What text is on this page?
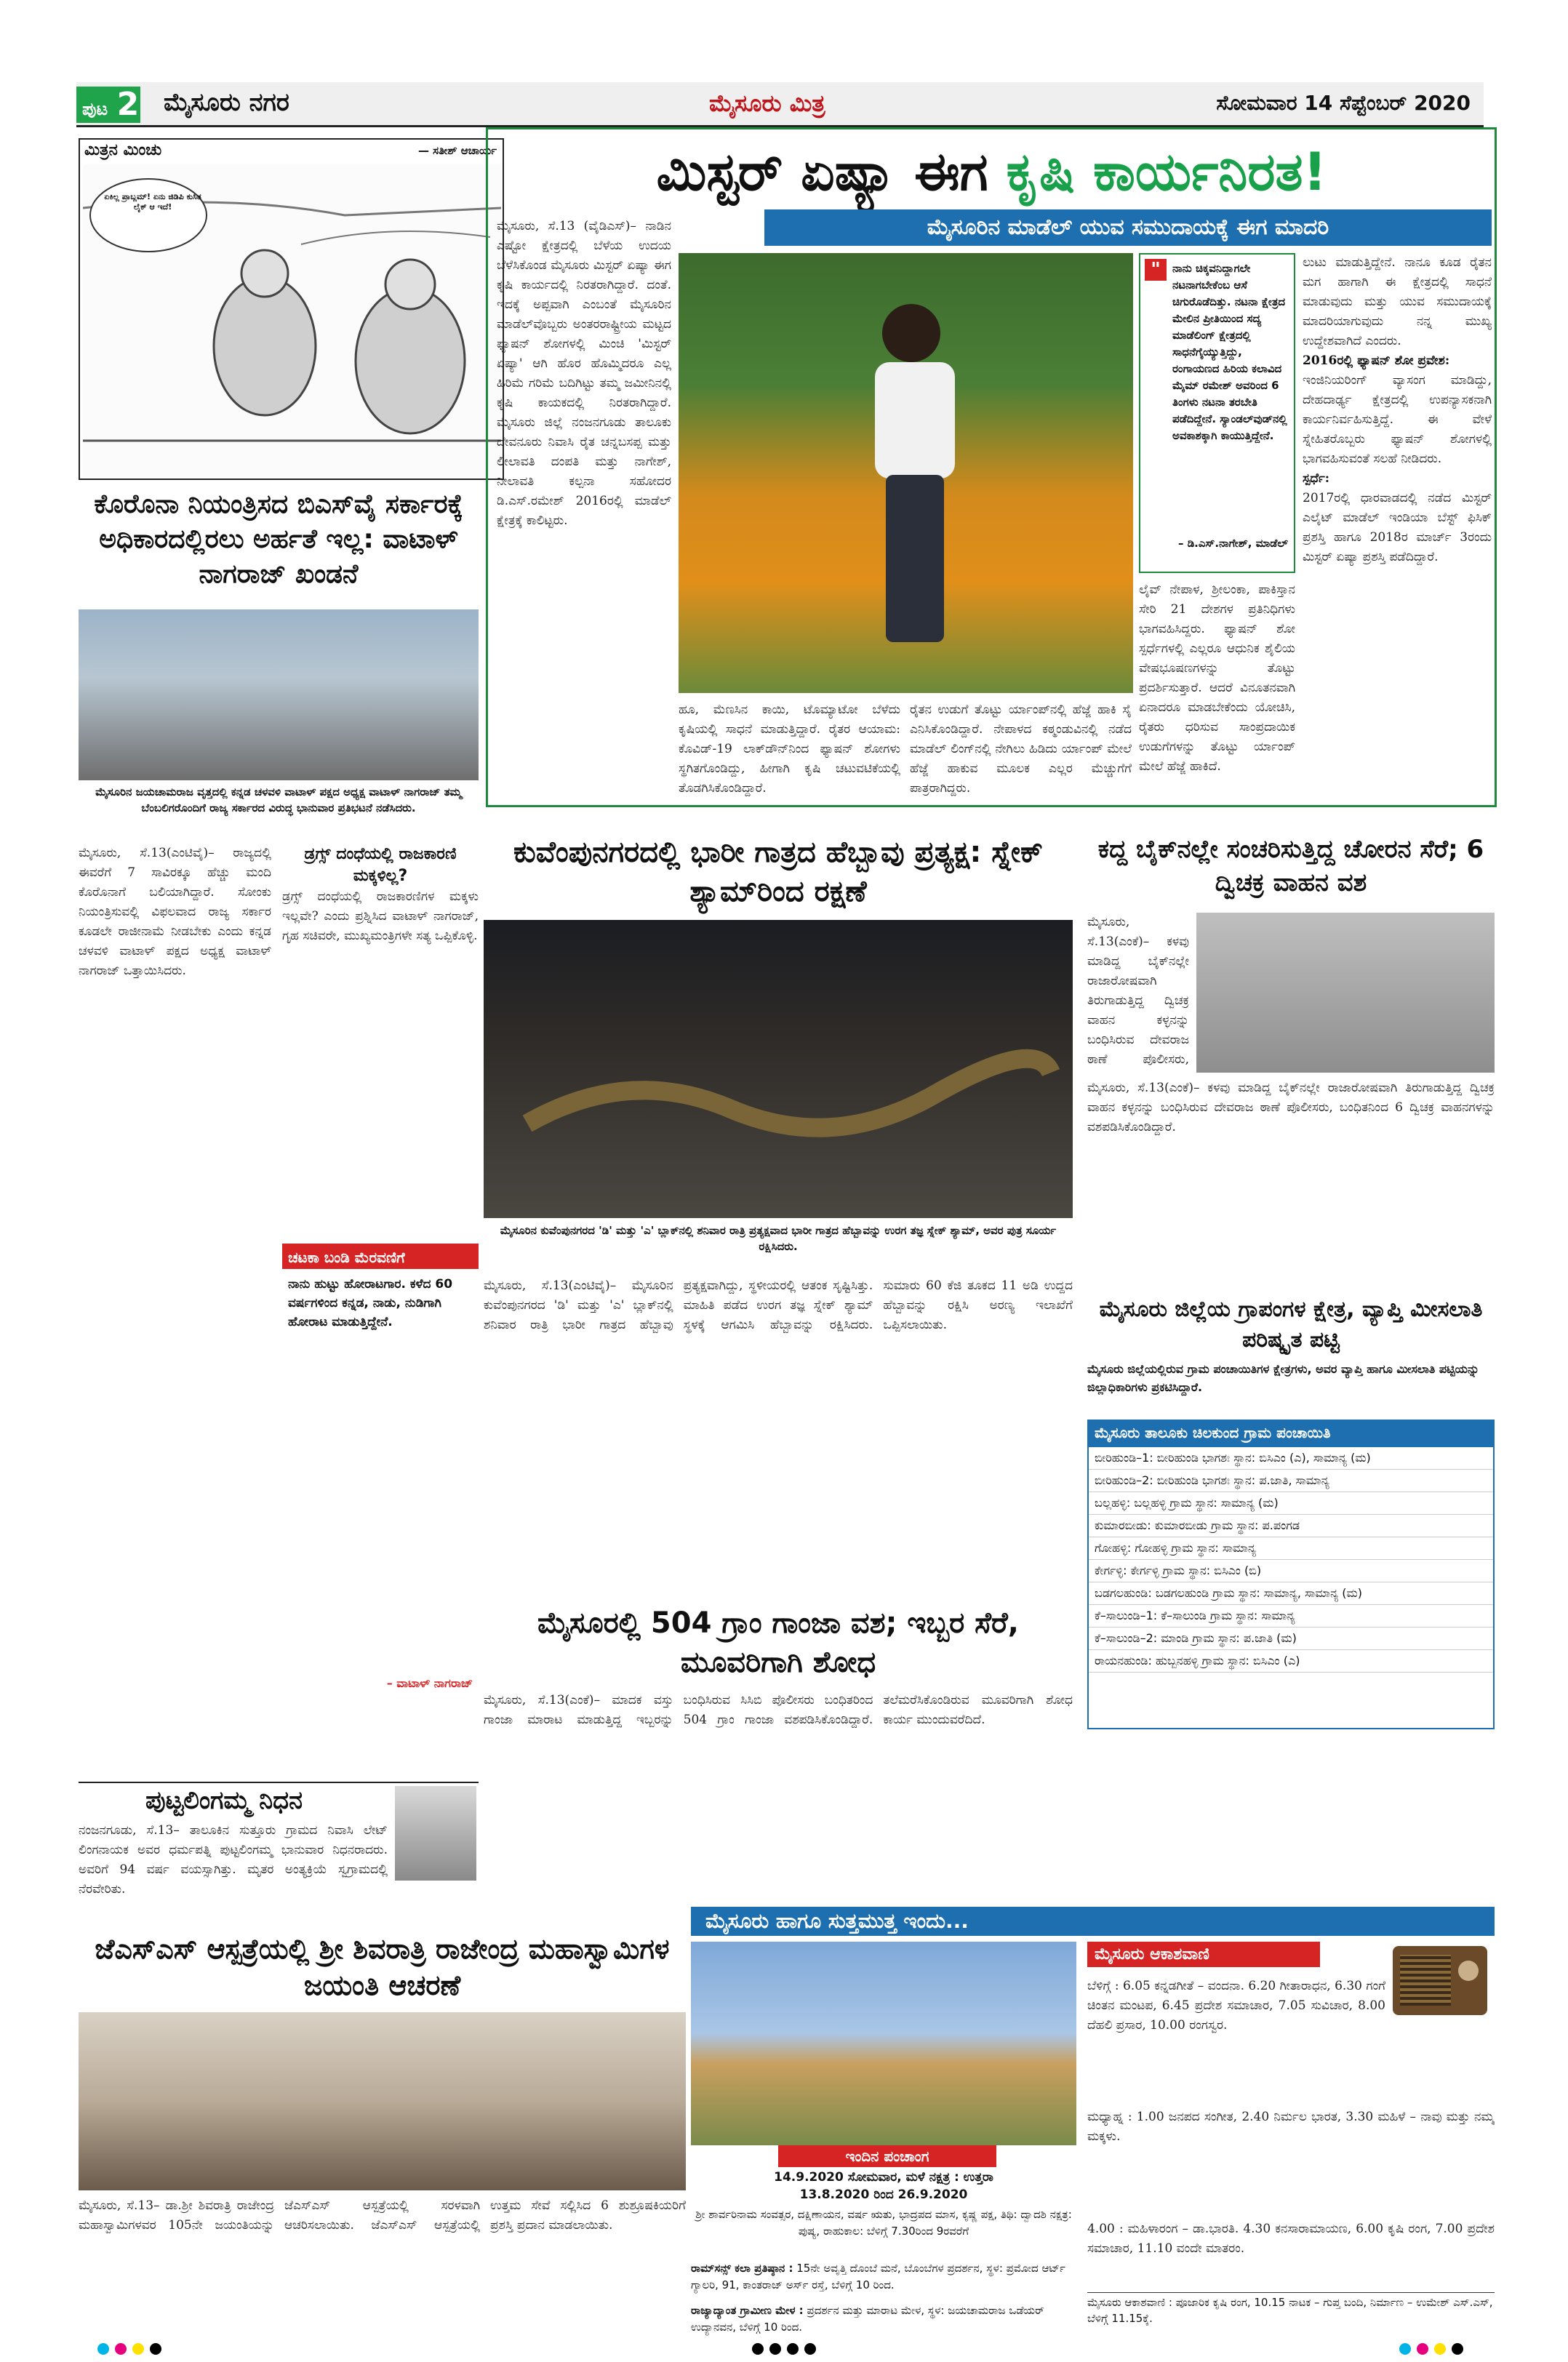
ಪುಟ 2 ಮೈಸೂರು ನಗರ	ಮೈಸೂರು ಮಿತ್ರ	ಸೋಮವಾರ 14 ಸೆಪ್ಟೆಂಬರ್ 2020
ಮಿತ್ರನ ಮಿಂಚು	— ಸತೀಶ್ ಆಚಾರ್ಯ
ಏಕಿಲ್ಲ ಪ್ರಾಬ್ಲಮ್! ಏನು ಜಿಡಿಪಿ ಕುಸಿತ ಲೈಕ್ ಆ ಇದೆ!
ಮಿಸ್ಟರ್ ಏಷ್ಯಾ ಈಗ ಕೃಷಿ ಕಾರ್ಯನಿರತ!
ಮೈಸೂರಿನ ಮಾಡೆಲ್ ಯುವ ಸಮುದಾಯಕ್ಕೆ ಈಗ ಮಾದರಿ
ಮೈಸೂರು, ಸೆ.13 (ವೈಡಿಎಸ್)– ನಾಡಿನ ಎಷ್ಟೋ ಕ್ಷೇತ್ರದಲ್ಲಿ ಬೆಳೆಯ ಉದಯ ಬೆಳೆಸಿಕೊಂಡ ಮೈಸೂರು ಮಿಸ್ಟರ್ ಏಷ್ಯಾ ಈಗ ಕೃಷಿ ಕಾರ್ಯದಲ್ಲಿ ನಿರತರಾಗಿದ್ದಾರೆ. ದಂತೆ. ಇದಕ್ಕೆ ಅಪ್ಪವಾಗಿ ಎಂಬಂತೆ ಮೈಸೂರಿನ ಮಾಡೆಲ್‌ವೊಬ್ಬರು ಅಂತರರಾಷ್ಟ್ರೀಯ ಮಟ್ಟದ ಫ್ಯಾಷನ್ ಶೋಗಳಲ್ಲಿ ಮಿಂಚಿ 'ಮಿಸ್ಟರ್ ಏಷ್ಯಾ' ಆಗಿ ಹೊರ ಹೊಮ್ಮಿದರೂ ಎಲ್ಲ ಹಿರಿಮೆ ಗರಿಮೆ ಬದಿಗಿಟ್ಟು ತಮ್ಮ ಜಮೀನಿನಲ್ಲಿ ಕೃಷಿ ಕಾಯಕದಲ್ಲಿ ನಿರತರಾಗಿದ್ದಾರೆ. ಮೈಸೂರು ಜಿಲ್ಲೆ ನಂಜನಗೂಡು ತಾಲೂಕು ದೇವನೂರು ನಿವಾಸಿ ರೈತ ಚನ್ನಬಸಪ್ಪ ಮತ್ತು ಲೀಲಾವತಿ ದಂಪತಿ ಮತ್ತು ನಾಗೇಶ್, ನೀಲಾವತಿ ಕಲ್ಪನಾ ಸಹೋದರ ಡಿ.ಎಸ್.ರಮೇಶ್ 2016ರಲ್ಲಿ ಮಾಡೆಲ್ ಕ್ಷೇತ್ರಕ್ಕೆ ಕಾಲಿಟ್ಟರು.
"	ನಾನು ಚಿಕ್ಕವನಿದ್ದಾಗಲೇ ನಟನಾಗಬೇಕೆಂಬ ಆಸೆ ಚಿಗುರೊಡೆದಿತ್ತು. ನಟನಾ ಕ್ಷೇತ್ರದ ಮೇಲಿನ ಪ್ರೀತಿಯಿಂದ ಸದ್ಯ ಮಾಡೆಲಿಂಗ್ ಕ್ಷೇತ್ರದಲ್ಲಿ ಸಾಧನೆಗೈಯ್ಯುತ್ತಿದ್ದು, ರಂಗಾಯಣದ ಹಿರಿಯ ಕಲಾವಿದ ಮೈಮ್ ರಮೇಶ್ ಅವರಿಂದ 6 ತಿಂಗಳು ನಟನಾ ತರಬೇತಿ ಪಡೆದಿದ್ದೇನೆ. ಸ್ಯಾಂಡಲ್‌ವುಡ್‌ನಲ್ಲಿ ಅವಕಾಶಕ್ಕಾಗಿ ಕಾಯುತ್ತಿದ್ದೇನೆ.
– ಡಿ.ಎಸ್.ನಾಗೇಶ್, ಮಾಡೆಲ್
ಲುಟು ಮಾಡುತ್ತಿದ್ದೇನೆ. ನಾನೂ ಕೂಡ ರೈತನ ಮಗ ಹಾಗಾಗಿ ಈ ಕ್ಷೇತ್ರದಲ್ಲಿ ಸಾಧನೆ ಮಾಡುವುದು ಮತ್ತು ಯುವ ಸಮುದಾಯಕ್ಕೆ ಮಾದರಿಯಾಗುವುದು ನನ್ನ ಮುಖ್ಯ ಉದ್ದೇಶವಾಗಿದೆ ಎಂದರು.
2016ರಲ್ಲಿ ಫ್ಯಾಷನ್ ಶೋ ಪ್ರವೇಶ:
ಇಂಜಿನಿಯರಿಂಗ್ ವ್ಯಾಸಂಗ ಮಾಡಿದ್ದು, ದೇಹದಾರ್ಢ್ಯ ಕ್ಷೇತ್ರದಲ್ಲಿ ಉಪನ್ಯಾಸಕನಾಗಿ ಕಾರ್ಯನಿರ್ವಹಿಸುತ್ತಿದ್ದೆ. ಈ ವೇಳೆ ಸ್ನೇಹಿತರೊಬ್ಬರು ಫ್ಯಾಷನ್ ಶೋಗಳಲ್ಲಿ ಭಾಗವಹಿಸುವಂತೆ ಸಲಹೆ ನೀಡಿದರು.
ಸ್ಪರ್ಧೆ:
2017ರಲ್ಲಿ ಧಾರವಾಡದಲ್ಲಿ ನಡೆದ ಮಿಸ್ಟರ್ ಎಲೈಟ್ ಮಾಡೆಲ್ ಇಂಡಿಯಾ ಬೆಸ್ಟ್ ಫಿಸಿಕ್ ಪ್ರಶಸ್ತಿ ಹಾಗೂ 2018ರ ಮಾರ್ಚ್ 3ರಂದು ಮಿಸ್ಟರ್ ಏಷ್ಯಾ ಪ್ರಶಸ್ತಿ ಪಡೆದಿದ್ದಾರೆ.
ಲೈವ್ ನೇಪಾಳ, ಶ್ರೀಲಂಕಾ, ಪಾಕಿಸ್ತಾನ ಸೇರಿ 21 ದೇಶಗಳ ಪ್ರತಿನಿಧಿಗಳು ಭಾಗವಹಿಸಿದ್ದರು. ಫ್ಯಾಷನ್ ಶೋ ಸ್ಪರ್ಧೆಗಳಲ್ಲಿ ಎಲ್ಲರೂ ಆಧುನಿಕ ಶೈಲಿಯ ವೇಷಭೂಷಣಗಳನ್ನು ತೊಟ್ಟು ಪ್ರದರ್ಶಿಸುತ್ತಾರೆ. ಆದರೆ ವಿನೂತನವಾಗಿ ಏನಾದರೂ ಮಾಡಬೇಕೆಂದು ಯೋಚಿಸಿ, ರೈತರು ಧರಿಸುವ ಸಾಂಪ್ರದಾಯಿಕ ಉಡುಗೆಗಳನ್ನು ತೊಟ್ಟು ರ್ಯಾಂಪ್ ಮೇಲೆ ಹೆಜ್ಜೆ ಹಾಕಿದೆ.
ಹೂ, ಮೆಣಸಿನ ಕಾಯಿ, ಟೊಮ್ಯಾಟೋ ಬೆಳೆದು ಕೃಷಿಯಲ್ಲಿ ಸಾಧನೆ ಮಾಡುತ್ತಿದ್ದಾರೆ. ರೈತರ ಆಯಾಮ: ಕೊವಿಡ್-19 ಲಾಕ್‌ಡೌನ್‌ನಿಂದ ಫ್ಯಾಷನ್ ಶೋಗಳು ಸ್ಥಗಿತಗೊಂಡಿದ್ದು, ಹೀಗಾಗಿ ಕೃಷಿ ಚಟುವಟಿಕೆಯಲ್ಲಿ ತೊಡಗಿಸಿಕೊಂಡಿದ್ದಾರೆ.
ರೈತನ ಉಡುಗೆ ತೊಟ್ಟು ರ್ಯಾಂಪ್‌ನಲ್ಲಿ ಹೆಜ್ಜೆ ಹಾಕಿ ಸೈ ಎನಿಸಿಕೊಂಡಿದ್ದಾರೆ. ನೇಪಾಳದ ಕಠ್ಮಂಡುವಿನಲ್ಲಿ ನಡೆದ ಮಾಡೆಲ್ ಲಿಂಗ್‌ನಲ್ಲಿ ನೇಗಿಲು ಹಿಡಿದು ರ್ಯಾಂಪ್ ಮೇಲೆ ಹೆಜ್ಜೆ ಹಾಕುವ ಮೂಲಕ ಎಲ್ಲರ ಮೆಚ್ಚುಗೆಗೆ ಪಾತ್ರರಾಗಿದ್ದರು.
ಕೊರೊನಾ ನಿಯಂತ್ರಿಸದ ಬಿಎಸ್‌ವೈ ಸರ್ಕಾರಕ್ಕೆ ಅಧಿಕಾರದಲ್ಲಿರಲು ಅರ್ಹತೆ ಇಲ್ಲ: ವಾಟಾಳ್ ನಾಗರಾಜ್ ಖಂಡನೆ
ಮೈಸೂರಿನ ಜಯಚಾಮರಾಜ ವೃತ್ತದಲ್ಲಿ ಕನ್ನಡ ಚಳವಳಿ ವಾಟಾಳ್ ಪಕ್ಷದ ಅಧ್ಯಕ್ಷ ವಾಟಾಳ್ ನಾಗರಾಜ್ ತಮ್ಮ ಬೆಂಬಲಿಗರೊಂದಿಗೆ ರಾಜ್ಯ ಸರ್ಕಾರದ ವಿರುದ್ಧ ಭಾನುವಾರ ಪ್ರತಿಭಟನೆ ನಡೆಸಿದರು.
ಮೈಸೂರು, ಸೆ.13(ಎಂಟಿವೈ)– ರಾಜ್ಯದಲ್ಲಿ ಈವರೆಗೆ 7 ಸಾವಿರಕ್ಕೂ ಹೆಚ್ಚು ಮಂದಿ ಕೊರೊನಾಗೆ ಬಲಿಯಾಗಿದ್ದಾರೆ. ಸೋಂಕು ನಿಯಂತ್ರಿಸುವಲ್ಲಿ ವಿಫಲವಾದ ರಾಜ್ಯ ಸರ್ಕಾರ ಕೂಡಲೇ ರಾಜೀನಾಮೆ ನೀಡಬೇಕು ಎಂದು ಕನ್ನಡ ಚಳವಳಿ ವಾಟಾಳ್ ಪಕ್ಷದ ಅಧ್ಯಕ್ಷ ವಾಟಾಳ್ ನಾಗರಾಜ್ ಒತ್ತಾಯಿಸಿದರು.
ಡ್ರಗ್ಸ್ ದಂಧೆಯಲ್ಲಿ ರಾಜಕಾರಣಿ ಮಕ್ಕಳಿಲ್ಲ?
ಡ್ರಗ್ಸ್ ದಂಧೆಯಲ್ಲಿ ರಾಜಕಾರಣಿಗಳ ಮಕ್ಕಳು ಇಲ್ಲವೇ? ಎಂದು ಪ್ರಶ್ನಿಸಿದ ವಾಟಾಳ್ ನಾಗರಾಜ್, ಗೃಹ ಸಚಿವರೇ, ಮುಖ್ಯಮಂತ್ರಿಗಳೇ ಸತ್ಯ ಒಪ್ಪಿಕೊಳ್ಳಿ.
ಚಟಕಾ ಬಂಡಿ ಮೆರವಣಿಗೆ
ನಾನು ಹುಟ್ಟು ಹೋರಾಟಗಾರ. ಕಳೆದ 60 ವರ್ಷಗಳಿಂದ ಕನ್ನಡ, ನಾಡು, ನುಡಿಗಾಗಿ ಹೋರಾಟ ಮಾಡುತ್ತಿದ್ದೇನೆ.
– ವಾಟಾಳ್ ನಾಗರಾಜ್
ಕುವೆಂಪುನಗರದಲ್ಲಿ ಭಾರೀ ಗಾತ್ರದ ಹೆಬ್ಬಾವು ಪ್ರತ್ಯಕ್ಷ: ಸ್ನೇಕ್ ಶ್ಯಾಮ್‌ರಿಂದ ರಕ್ಷಣೆ
ಮೈಸೂರಿನ ಕುವೆಂಪುನಗರದ 'ಡಿ' ಮತ್ತು 'ಎ' ಬ್ಲಾಕ್‌ನಲ್ಲಿ ಶನಿವಾರ ರಾತ್ರಿ ಪ್ರತ್ಯಕ್ಷವಾದ ಭಾರೀ ಗಾತ್ರದ ಹೆಬ್ಬಾವನ್ನು ಉರಗ ತಜ್ಞ ಸ್ನೇಕ್ ಶ್ಯಾಮ್, ಅವರ ಪುತ್ರ ಸೂರ್ಯ ರಕ್ಷಿಸಿದರು.
ಮೈಸೂರು, ಸೆ.13(ಎಂಟಿವೈ)– ಮೈಸೂರಿನ ಕುವೆಂಪುನಗರದ 'ಡಿ' ಮತ್ತು 'ಎ' ಬ್ಲಾಕ್‌ನಲ್ಲಿ ಶನಿವಾರ ರಾತ್ರಿ ಭಾರೀ ಗಾತ್ರದ ಹೆಬ್ಬಾವು ಪ್ರತ್ಯಕ್ಷವಾಗಿದ್ದು, ಸ್ಥಳೀಯರಲ್ಲಿ ಆತಂಕ ಸೃಷ್ಟಿಸಿತ್ತು. ಮಾಹಿತಿ ಪಡೆದ ಉರಗ ತಜ್ಞ ಸ್ನೇಕ್ ಶ್ಯಾಮ್ ಸ್ಥಳಕ್ಕೆ ಆಗಮಿಸಿ ಹೆಬ್ಬಾವನ್ನು ರಕ್ಷಿಸಿದರು. ಸುಮಾರು 60 ಕೆಜಿ ತೂಕದ 11 ಅಡಿ ಉದ್ದದ ಹೆಬ್ಬಾವನ್ನು ರಕ್ಷಿಸಿ ಅರಣ್ಯ ಇಲಾಖೆಗೆ ಒಪ್ಪಿಸಲಾಯಿತು.
ಕದ್ದ ಬೈಕ್‌ನಲ್ಲೇ ಸಂಚರಿಸುತ್ತಿದ್ದ ಚೋರನ ಸೆರೆ; 6 ದ್ವಿಚಕ್ರ ವಾಹನ ವಶ
ಮೈಸೂರು, ಸೆ.13(ಎಂಕೆ)– ಕಳವು ಮಾಡಿದ್ದ ಬೈಕ್‌ನಲ್ಲೇ ರಾಜಾರೋಷವಾಗಿ ತಿರುಗಾಡುತ್ತಿದ್ದ ದ್ವಿಚಕ್ರ ವಾಹನ ಕಳ್ಳನನ್ನು ಬಂಧಿಸಿರುವ ದೇವರಾಜ ಠಾಣೆ ಪೊಲೀಸರು,
ಮೈಸೂರು, ಸೆ.13(ಎಂಕೆ)– ಕಳವು ಮಾಡಿದ್ದ ಬೈಕ್‌ನಲ್ಲೇ ರಾಜಾರೋಷವಾಗಿ ತಿರುಗಾಡುತ್ತಿದ್ದ ದ್ವಿಚಕ್ರ ವಾಹನ ಕಳ್ಳನನ್ನು ಬಂಧಿಸಿರುವ ದೇವರಾಜ ಠಾಣೆ ಪೊಲೀಸರು, ಬಂಧಿತನಿಂದ 6 ದ್ವಿಚಕ್ರ ವಾಹನಗಳನ್ನು ವಶಪಡಿಸಿಕೊಂಡಿದ್ದಾರೆ.
ಮೈಸೂರು ಜಿಲ್ಲೆಯ ಗ್ರಾಪಂಗಳ ಕ್ಷೇತ್ರ, ವ್ಯಾಪ್ತಿ ಮೀಸಲಾತಿ ಪರಿಷ್ಕೃತ ಪಟ್ಟಿ
ಮೈಸೂರು ಜಿಲ್ಲೆಯಲ್ಲಿರುವ ಗ್ರಾಮ ಪಂಚಾಯಿತಿಗಳ ಕ್ಷೇತ್ರಗಳು, ಅವರ ವ್ಯಾಪ್ತಿ ಹಾಗೂ ಮೀಸಲಾತಿ ಪಟ್ಟಿಯನ್ನು ಜಿಲ್ಲಾಧಿಕಾರಿಗಳು ಪ್ರಕಟಿಸಿದ್ದಾರೆ.
ಮೈಸೂರು ತಾಲೂಕು ಚಿಲಕುಂದ ಗ್ರಾಮ ಪಂಚಾಯಿತಿ
ಬೀರಿಹುಂಡಿ–1: ಬೀರಿಹುಂಡಿ ಭಾಗಶಃ ಸ್ಥಾನ: ಬಿಸಿಎಂ (ಎ), ಸಾಮಾನ್ಯ (ಮ)
ಬೀರಿಹುಂಡಿ–2: ಬೀರಿಹುಂಡಿ ಭಾಗಶಃ ಸ್ಥಾನ: ಪ.ಜಾತಿ, ಸಾಮಾನ್ಯ
ಬಲ್ಲಹಳ್ಳಿ: ಬಲ್ಲಹಳ್ಳಿ ಗ್ರಾಮ ಸ್ಥಾನ: ಸಾಮಾನ್ಯ (ಮ)
ಕುಮಾರಬೀಡು: ಕುಮಾರಬೀಡು ಗ್ರಾಮ ಸ್ಥಾನ: ಪ.ಪಂಗಡ
ಗೋಹಳ್ಳಿ: ಗೋಹಳ್ಳಿ ಗ್ರಾಮ ಸ್ಥಾನ: ಸಾಮಾನ್ಯ
ಕೇರ್ಗಳ್ಳಿ: ಕೇರ್ಗಳ್ಳಿ ಗ್ರಾಮ ಸ್ಥಾನ: ಬಿಸಿಎಂ (ಬಿ)
ಬಡಗಲಹುಂಡಿ: ಬಡಗಲಹುಂಡಿ ಗ್ರಾಮ ಸ್ಥಾನ: ಸಾಮಾನ್ಯ, ಸಾಮಾನ್ಯ (ಮ)
ಕೆ–ಸಾಲುಂಡಿ–1: ಕೆ–ಸಾಲುಂಡಿ ಗ್ರಾಮ ಸ್ಥಾನ: ಸಾಮಾನ್ಯ
ಕೆ–ಸಾಲುಂಡಿ–2: ಮಾಂಡಿ ಗ್ರಾಮ ಸ್ಥಾನ: ಪ.ಜಾತಿ (ಮ)
ರಾಯನಹುಂಡಿ: ಹುಬ್ಬನಹಳ್ಳಿ ಗ್ರಾಮ ಸ್ಥಾನ: ಬಿಸಿಎಂ (ಎ)
ಮೈಸೂರಲ್ಲಿ 504 ಗ್ರಾಂ ಗಾಂಜಾ ವಶ; ಇಬ್ಬರ ಸೆರೆ, ಮೂವರಿಗಾಗಿ ಶೋಧ
ಮೈಸೂರು, ಸೆ.13(ಎಂಕೆ)– ಮಾದಕ ವಸ್ತು ಗಾಂಜಾ ಮಾರಾಟ ಮಾಡುತ್ತಿದ್ದ ಇಬ್ಬರನ್ನು ಬಂಧಿಸಿರುವ ಸಿಸಿಬಿ ಪೊಲೀಸರು ಬಂಧಿತರಿಂದ 504 ಗ್ರಾಂ ಗಾಂಜಾ ವಶಪಡಿಸಿಕೊಂಡಿದ್ದಾರೆ. ತಲೆಮರೆಸಿಕೊಂಡಿರುವ ಮೂವರಿಗಾಗಿ ಶೋಧ ಕಾರ್ಯ ಮುಂದುವರೆದಿದೆ.
ಪುಟ್ಟಲಿಂಗಮ್ಮ ನಿಧನ
ನಂಜನಗೂಡು, ಸೆ.13– ತಾಲೂಕಿನ ಸುತ್ತೂರು ಗ್ರಾಮದ ನಿವಾಸಿ ಲೇಟ್ ಲಿಂಗನಾಯಕ ಅವರ ಧರ್ಮಪತ್ನಿ ಪುಟ್ಟಲಿಂಗಮ್ಮ ಭಾನುವಾರ ನಿಧನರಾದರು. ಅವರಿಗೆ 94 ವರ್ಷ ವಯಸ್ಸಾಗಿತ್ತು. ಮೃತರ ಅಂತ್ಯಕ್ರಿಯೆ ಸ್ವಗ್ರಾಮದಲ್ಲಿ ನೆರವೇರಿತು.
ಜೆಎಸ್‌ಎಸ್ ಆಸ್ಪತ್ರೆಯಲ್ಲಿ ಶ್ರೀ ಶಿವರಾತ್ರಿ ರಾಜೇಂದ್ರ ಮಹಾಸ್ವಾಮಿಗಳ ಜಯಂತಿ ಆಚರಣೆ
ಮೈಸೂರು, ಸೆ.13– ಡಾ.ಶ್ರೀ ಶಿವರಾತ್ರಿ ರಾಜೇಂದ್ರ ಮಹಾಸ್ವಾಮಿಗಳವರ 105ನೇ ಜಯಂತಿಯನ್ನು ಜೆಎಸ್‌ಎಸ್ ಆಸ್ಪತ್ರೆಯಲ್ಲಿ ಸರಳವಾಗಿ ಆಚರಿಸಲಾಯಿತು. ಜೆಎಸ್‌ಎಸ್ ಆಸ್ಪತ್ರೆಯಲ್ಲಿ ಉತ್ತಮ ಸೇವೆ ಸಲ್ಲಿಸಿದ 6 ಶುಶ್ರೂಷಕಿಯರಿಗೆ ಪ್ರಶಸ್ತಿ ಪ್ರದಾನ ಮಾಡಲಾಯಿತು.
ಮೈಸೂರು ಹಾಗೂ ಸುತ್ತಮುತ್ತ ಇಂದು...
ಇಂದಿನ ಪಂಚಾಂಗ
14.9.2020 ಸೋಮವಾರ, ಮಳೆ ನಕ್ಷತ್ರ : ಉತ್ತರಾ
13.8.2020 ರಿಂದ 26.9.2020
ಶ್ರೀ ಶಾರ್ವರಿನಾಮ ಸಂವತ್ಸರ, ದಕ್ಷಿಣಾಯನ, ವರ್ಷ ಋತು, ಭಾದ್ರಪದ ಮಾಸ, ಕೃಷ್ಣ ಪಕ್ಷ, ತಿಥಿ: ದ್ವಾದಶಿ ನಕ್ಷತ್ರ: ಪುಷ್ಯ, ರಾಹುಕಾಲ: ಬೆಳಿಗ್ಗೆ 7.30ರಿಂದ 9ರವರೆಗೆ
ರಾಮ್‌ಸನ್ಸ್ ಕಲಾ ಪ್ರತಿಷ್ಠಾನ : 15ನೇ ಅವೃತ್ತಿ ದೊಂಬೆ ಮನೆ, ಬೊಂಬೆಗಳ ಪ್ರದರ್ಶನ, ಸ್ಥಳ: ಪ್ರಮೋದ ಆರ್ಟ್ ಗ್ಯಾಲರಿ, 91, ಕಾಂತರಾಜ್ ಅರ್ಸ್ ರಸ್ತೆ, ಬೆಳಿಗ್ಗೆ 10 ರಿಂದ.
ರಾಜ್ಯಾದ್ಯಾಂತ ಗ್ರಾಮೀಣ ಮೇಳ : ಪ್ರದರ್ಶನ ಮತ್ತು ಮಾರಾಟ ಮೇಳ, ಸ್ಥಳ: ಜಯಚಾಮರಾಜ ಒಡೆಯರ್ ಉದ್ಯಾನವನ, ಬೆಳಿಗ್ಗೆ 10 ರಿಂದ.
ಮೈಸೂರು ಆಕಾಶವಾಣಿ
ಬೆಳಿಗ್ಗೆ : 6.05 ಕನ್ನಡಗೀತೆ – ವಂದನಾ. 6.20 ಗೀತಾರಾಧನ, 6.30 ಗಂಗೆ ಚಿಂತನ ಮಂಟಪ, 6.45 ಪ್ರದೇಶ ಸಮಾಚಾರ, 7.05 ಸುವಿಚಾರ, 8.00 ದೆಹಲಿ ಪ್ರಸಾರ, 10.00 ರಂಗಸ್ವರ.
ಮಧ್ಯಾಹ್ನ : 1.00 ಜನಪದ ಸಂಗೀತ, 2.40 ನಿರ್ಮಲ ಭಾರತ, 3.30 ಮಹಿಳೆ – ನಾವು ಮತ್ತು ನಮ್ಮ ಮಕ್ಕಳು.
4.00 : ಮಹಿಳಾರಂಗ – ಡಾ.ಭಾರತಿ. 4.30 ಕನಸಾರಾಮಾಯಣ, 6.00 ಕೃಷಿ ರಂಗ, 7.00 ಪ್ರದೇಶ ಸಮಾಚಾರ, 11.10 ವಂದೇ ಮಾತರಂ.
ಮೈಸೂರು ಆಕಾಶವಾಣಿ : ಪೂಜಾರಿಕ ಕೃಷಿ ರಂಗ, 10.15 ನಾಟಕ – ಗುಪ್ತ ಬಂದಿ, ನಿರ್ಮಾಣ – ಉಮೇಶ್ ಎಸ್.ಎಸ್, ಬೆಳಿಗ್ಗೆ 11.15ಕ್ಕೆ.
